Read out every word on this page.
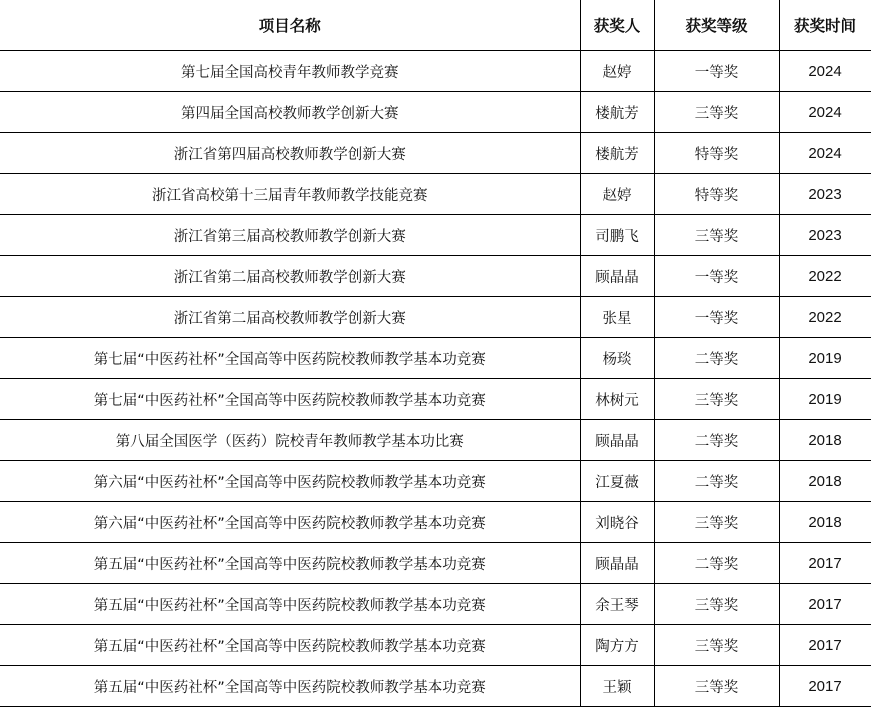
项目名称	获奖人	获奖等级	获奖时间
第七届全国高校青年教师教学竞赛	赵婷	一等奖	2024
第四届全国高校教师教学创新大赛	楼航芳	三等奖	2024
浙江省第四届高校教师教学创新大赛	楼航芳	特等奖	2024
浙江省高校第十三届青年教师教学技能竞赛	赵婷	特等奖	2023
浙江省第三届高校教师教学创新大赛	司鹏飞	三等奖	2023
浙江省第二届高校教师教学创新大赛	顾晶晶	一等奖	2022
浙江省第二届高校教师教学创新大赛	张星	一等奖	2022
第七届“中医药社杯”全国高等中医药院校教师教学基本功竞赛	杨琰	二等奖	2019
第七届“中医药社杯”全国高等中医药院校教师教学基本功竞赛	林树元	三等奖	2019
第八届全国医学（医药）院校青年教师教学基本功比赛	顾晶晶	二等奖	2018
第六届“中医药社杯”全国高等中医药院校教师教学基本功竞赛	江夏薇	二等奖	2018
第六届“中医药社杯”全国高等中医药院校教师教学基本功竞赛	刘晓谷	三等奖	2018
第五届“中医药社杯”全国高等中医药院校教师教学基本功竞赛	顾晶晶	二等奖	2017
第五届“中医药社杯”全国高等中医药院校教师教学基本功竞赛	余王琴	三等奖	2017
第五届“中医药社杯”全国高等中医药院校教师教学基本功竞赛	陶方方	三等奖	2017
第五届“中医药社杯”全国高等中医药院校教师教学基本功竞赛	王颖	三等奖	2017
